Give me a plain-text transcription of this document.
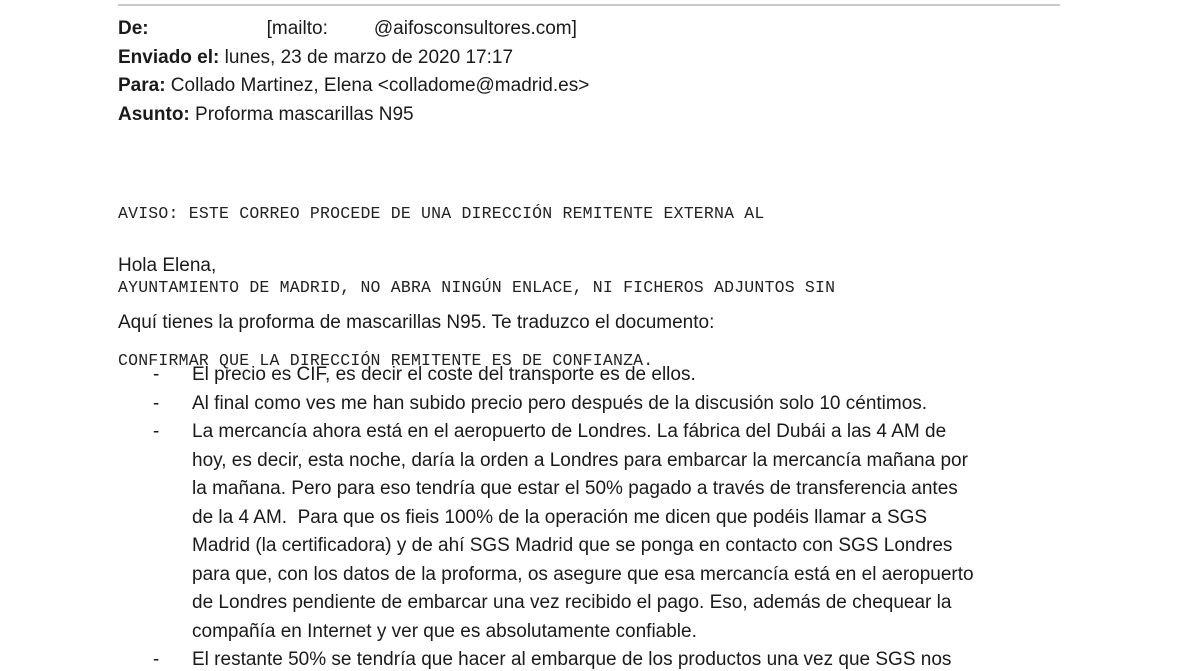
De:	[mailto: @aifosconsultores.com]
Enviado el: lunes, 23 de marzo de 2020 17:17
Para: Collado Martinez, Elena <colladome@madrid.es>
Asunto: Proforma mascarillas N95

AVISO: ESTE CORREO PROCEDE DE UNA DIRECCIÓN REMITENTE EXTERNA AL

AYUNTAMIENTO DE MADRID, NO ABRA NINGÚN ENLACE, NI FICHEROS ADJUNTOS SIN

CONFIRMAR QUE LA DIRECCIÓN REMITENTE ES DE CONFIANZA.

Hola Elena,
Aquí tienes la proforma de mascarillas N95. Te traduzco el documento:
- El precio es CIF, es decir el coste del transporte es de ellos.
- Al final como ves me han subido precio pero después de la discusión solo 10 céntimos.
- La mercancía ahora está en el aeropuerto de Londres. La fábrica del Dubái a las 4 AM de
hoy, es decir, esta noche, daría la orden a Londres para embarcar la mercancía mañana por
la mañana. Pero para eso tendría que estar el 50% pagado a través de transferencia antes
de la 4 AM.  Para que os fieis 100% de la operación me dicen que podéis llamar a SGS
Madrid (la certificadora) y de ahí SGS Madrid que se ponga en contacto con SGS Londres
para que, con los datos de la proforma, os asegure que esa mercancía está en el aeropuerto
de Londres pendiente de embarcar una vez recibido el pago. Eso, además de chequear la
compañía en Internet y ver que es absolutamente confiable.
- El restante 50% se tendría que hacer al embarque de los productos una vez que SGS nos
